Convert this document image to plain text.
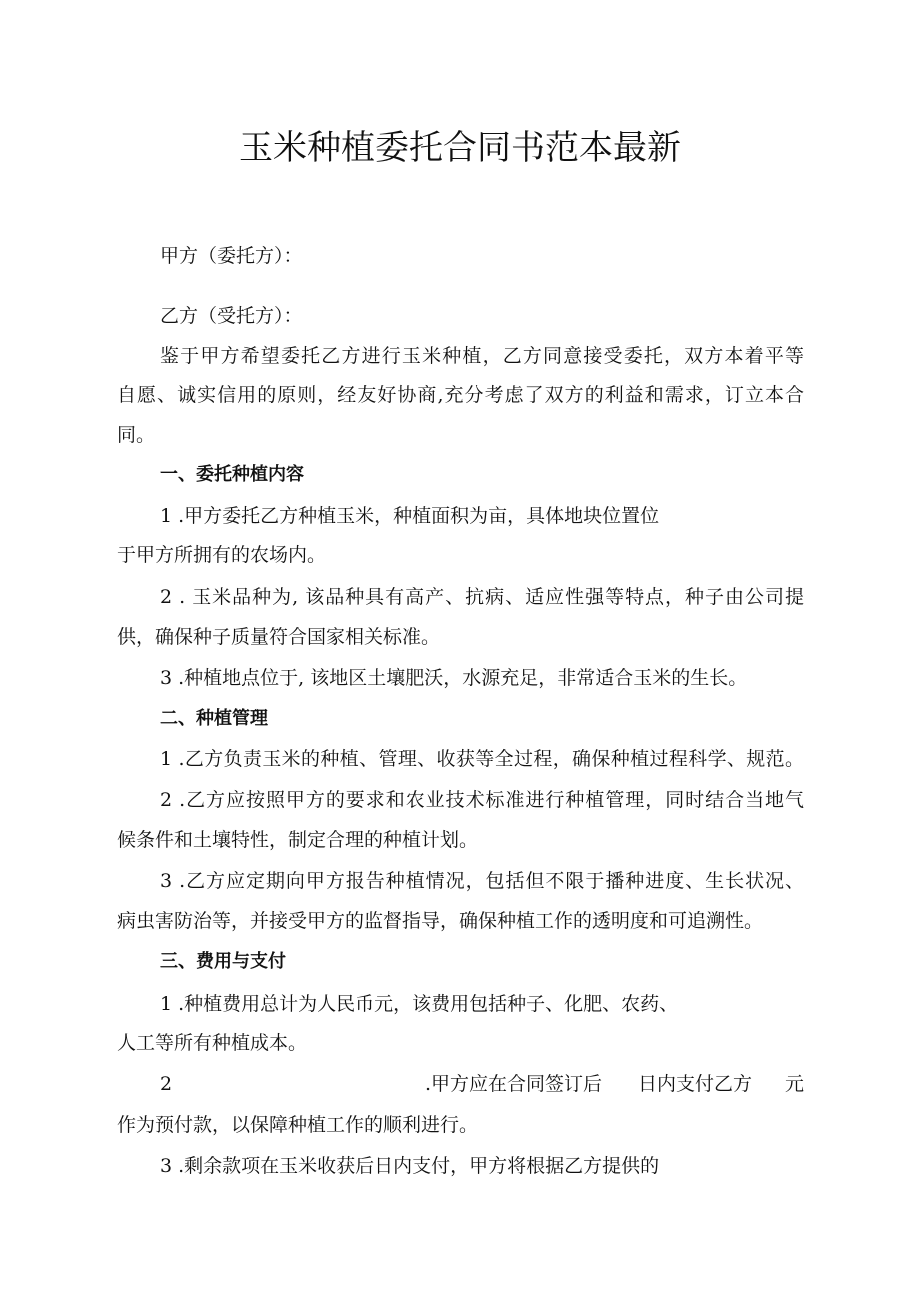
玉米种植委托合同书范本最新
甲方（委托方）：
乙方（受托方）：
鉴于甲方希望委托乙方进行玉米种植，乙方同意接受委托，双方本着平等
自愿、诚实信用的原则，经友好协商,充分考虑了双方的利益和需求，订立本合
同。
一、委托种植内容
1 .甲方委托乙方种植玉米，种植面积为亩，具体地块位置位
于甲方所拥有的农场内。
2 . 玉米品种为, 该品种具有高产、抗病、适应性强等特点，种子由公司提
供，确保种子质量符合国家相关标准。
3 .种植地点位于, 该地区土壤肥沃，水源充足，非常适合玉米的生长。
二、种植管理
1 .乙方负责玉米的种植、管理、收获等全过程，确保种植过程科学、规范。
2 .乙方应按照甲方的要求和农业技术标准进行种植管理，同时结合当地气
候条件和土壤特性，制定合理的种植计划。
3 .乙方应定期向甲方报告种植情况，包括但不限于播种进度、生长状况、
病虫害防治等，并接受甲方的监督指导，确保种植工作的透明度和可追溯性。
三、费用与支付
1 .种植费用总计为人民币元，该费用包括种子、化肥、农药、
人工等所有种植成本。
2	.甲方应在合同签订后 日内支付乙方 元
作为预付款，以保障种植工作的顺利进行。
3 .剩余款项在玉米收获后日内支付，甲方将根据乙方提供的
